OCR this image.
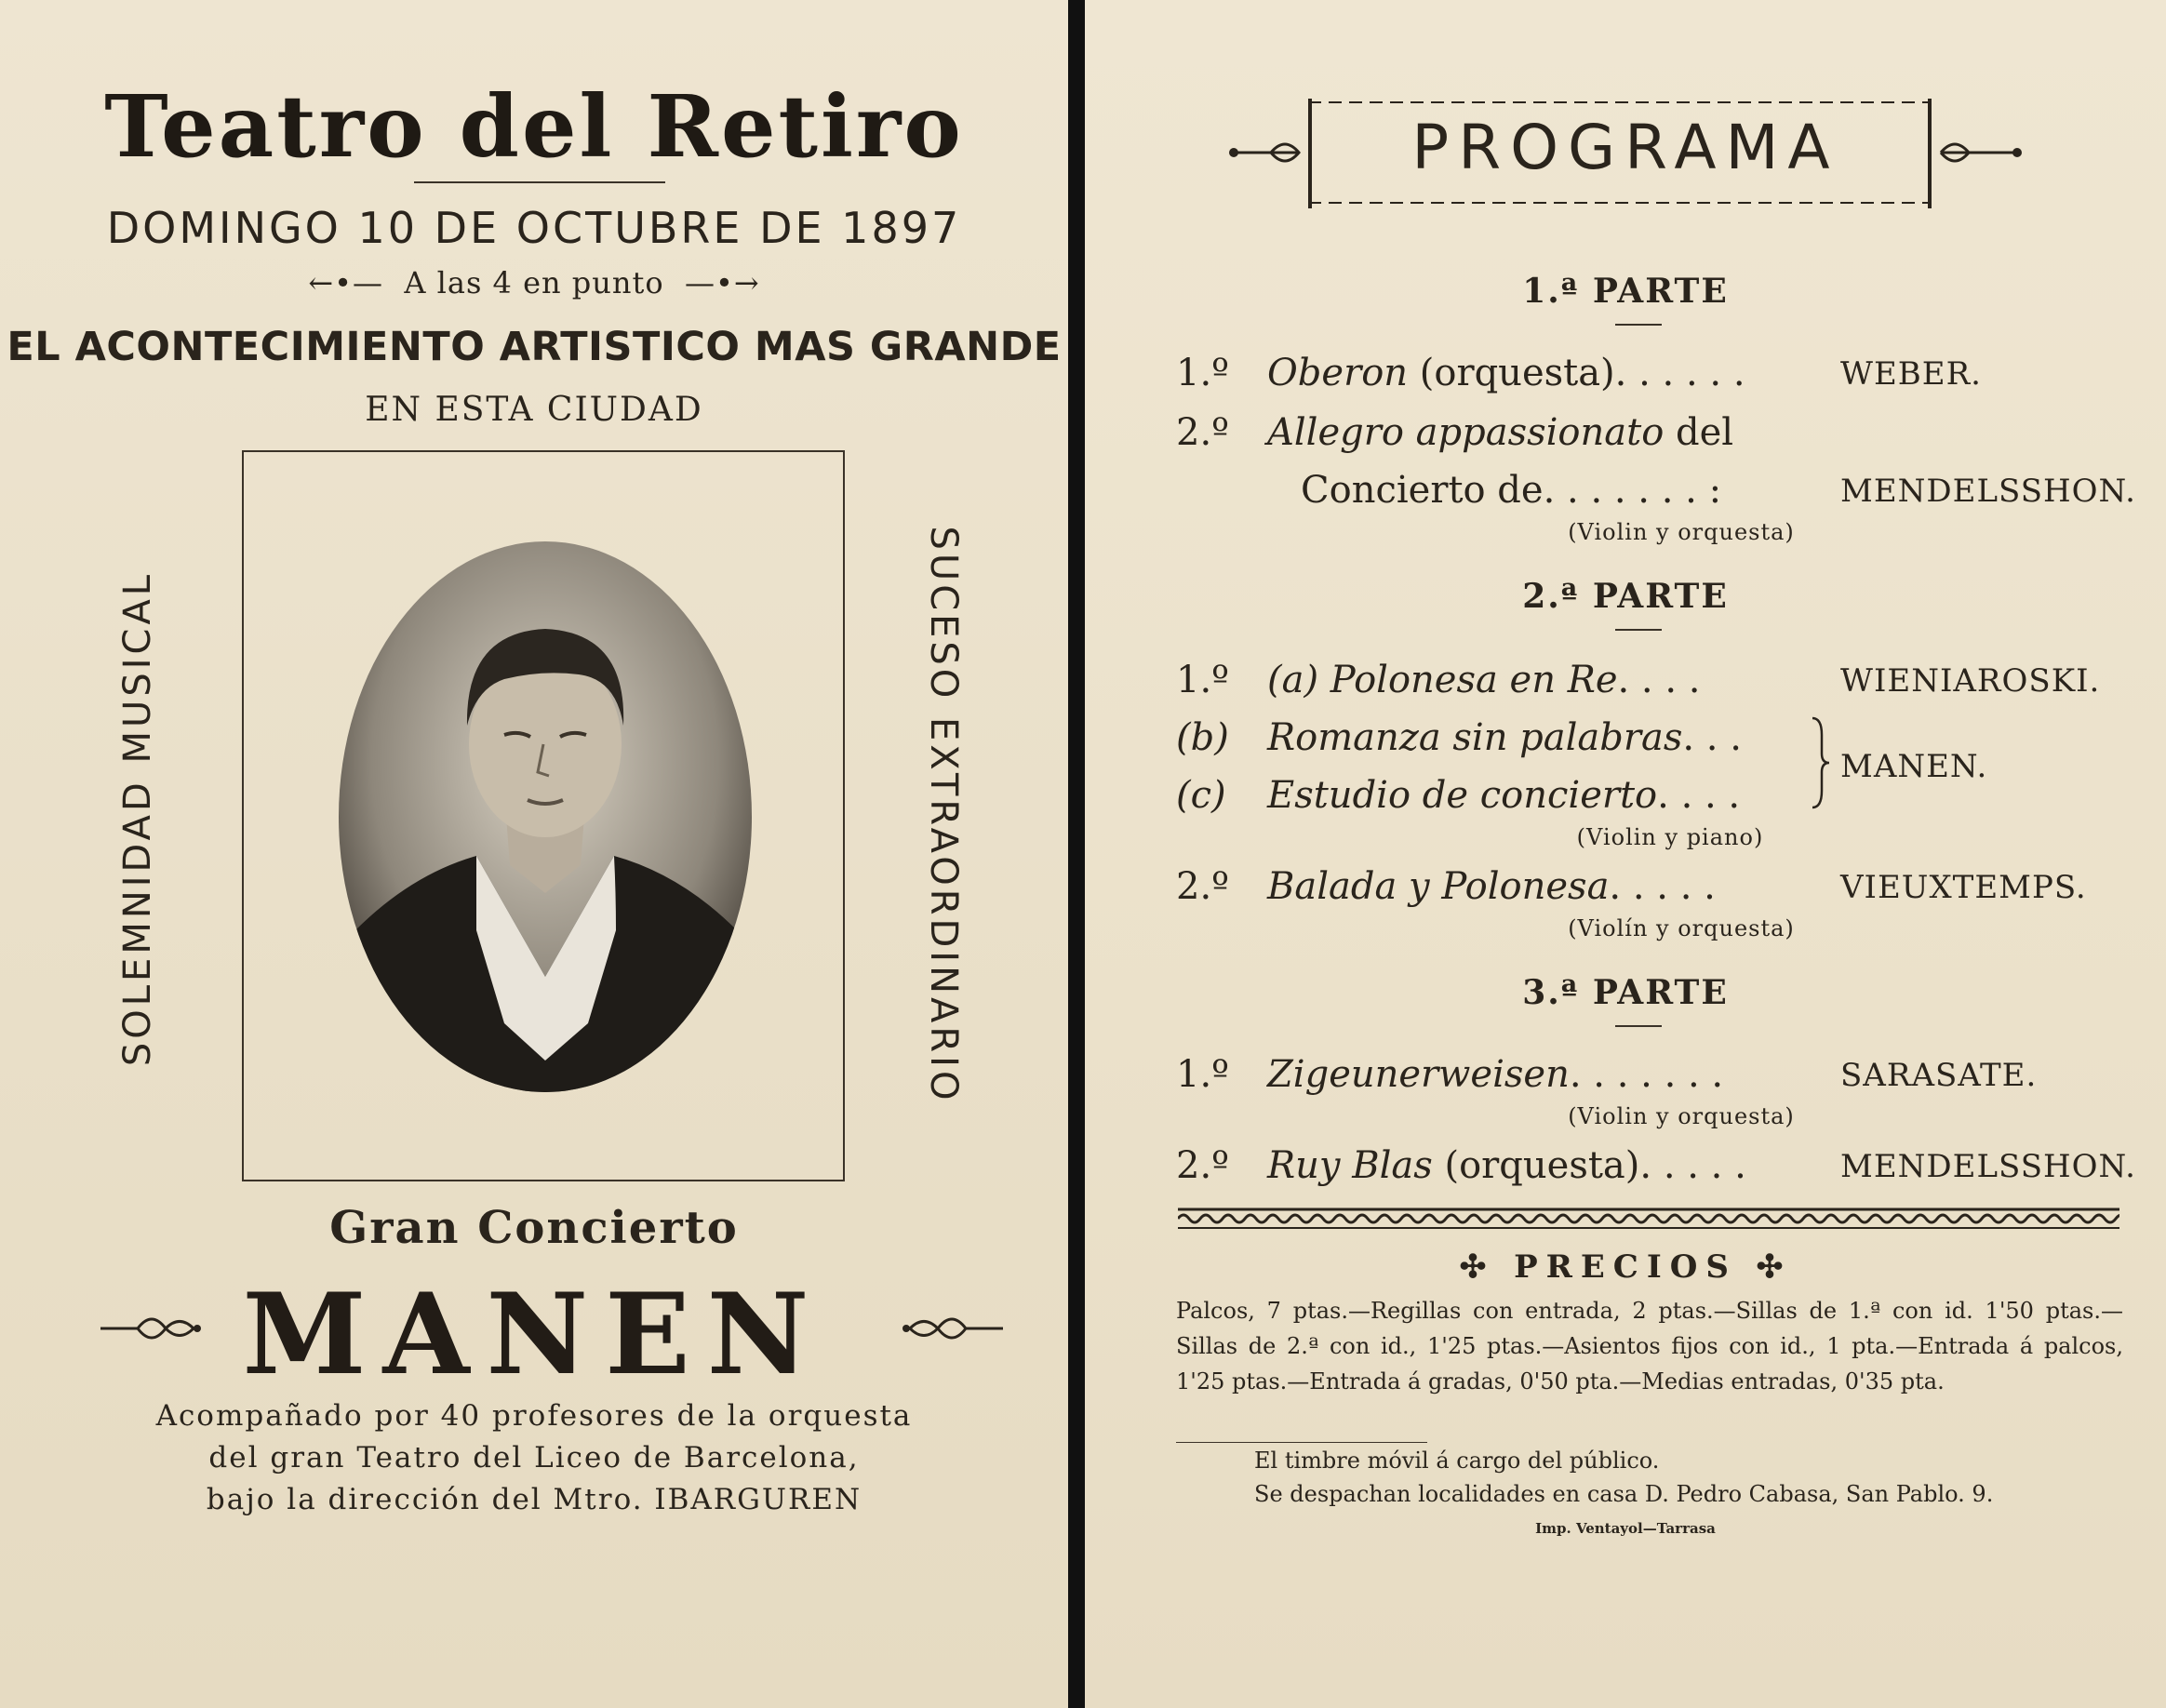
Teatro del Retiro
DOMINGO 10 DE OCTUBRE DE 1897
←•—  A las 4 en punto  —•→
EL ACONTECIMIENTO ARTISTICO MAS GRANDE
EN ESTA CIUDAD
SOLEMNIDAD MUSICAL	SUCESO EXTRAORDINARIO
Gran Concierto
MANEN
Acompañado por 40 profesores de la orquesta
del gran Teatro del Liceo de Barcelona,
bajo la dirección del Mtro. IBARGUREN
PROGRAMA
1.ª PARTE
1.º Oberon (orquesta). . . . . .	WEBER.
2.º Allegro appassionato del
Concierto de. . . . . . . :	MENDELSSHON.
(Violin y orquesta)
2.ª PARTE
1.º (a) Polonesa en Re. . . .	WIENIAROSKI.
(b) Romanza sin palabras. . .
(c) Estudio de concierto. . . .
MANEN.
(Violin y piano)
2.º Balada y Polonesa. . . . .	VIEUXTEMPS.
(Violín y orquesta)
3.ª PARTE
1.º Zigeunerweisen. . . . . . .	SARASATE.
(Violin y orquesta)
2.º Ruy Blas (orquesta). . . . .	MENDELSSHON.
✣ PRECIOS ✣
Palcos, 7 ptas.—Regillas con entrada, 2 ptas.—Sillas de 1.ª con id. 1'50 ptas.—Sillas de 2.ª con id., 1'25 ptas.—Asientos fijos con id., 1 pta.—Entrada á palcos, 1'25 ptas.—Entrada á gradas, 0'50 pta.—Medias entradas, 0'35 pta.
El timbre móvil á cargo del público.
Se despachan localidades en casa D. Pedro Cabasa, San Pablo. 9.
Imp. Ventayol—Tarrasa
